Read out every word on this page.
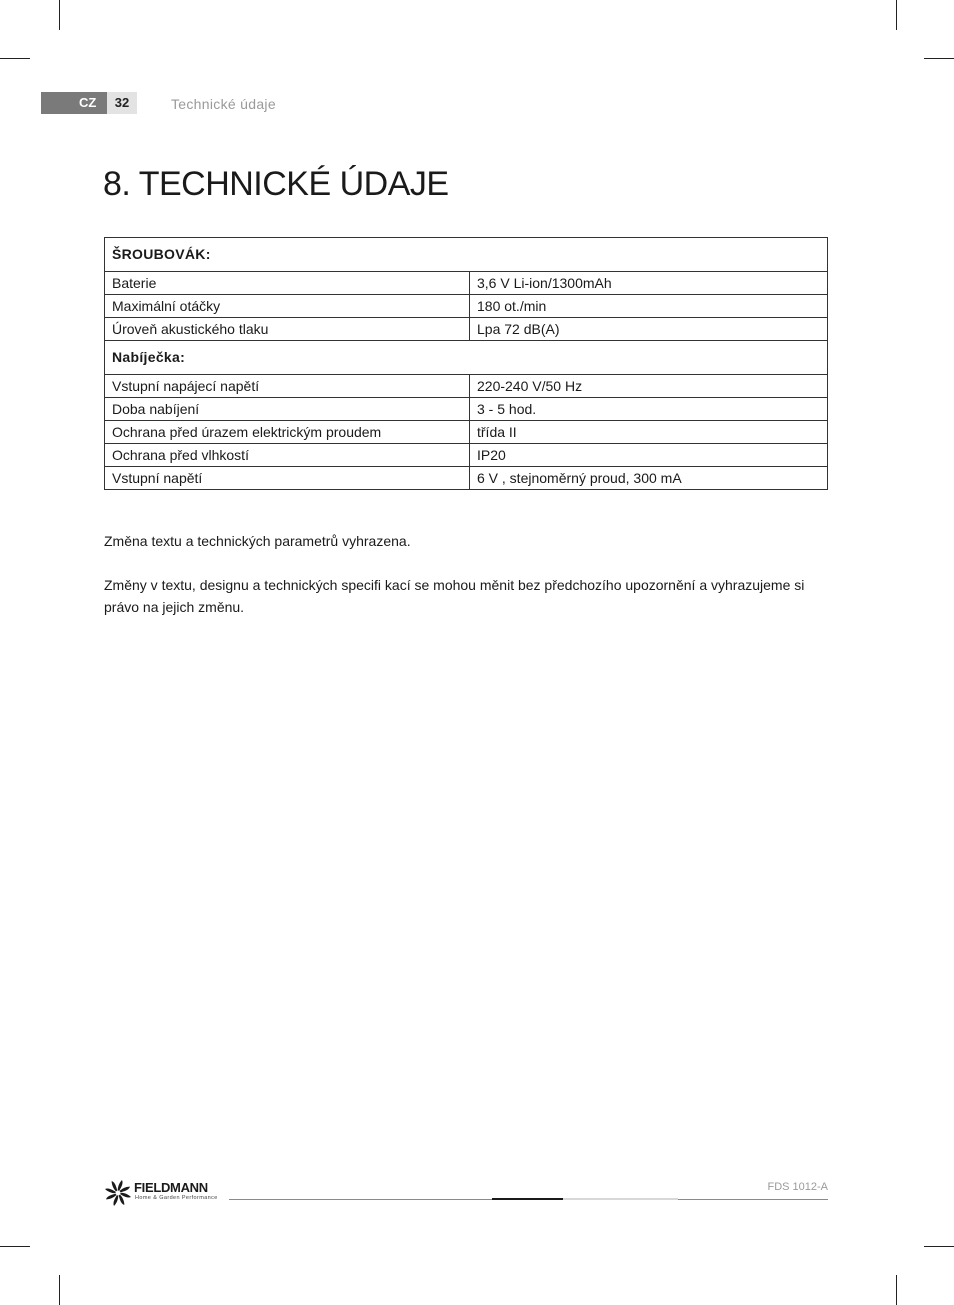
CZ	32	Technické údaje
8. TECHNICKÉ ÚDAJE
ŠROUBOVÁK:	
Baterie	3,6 V Li-ion/1300mAh
Maximální otáčky	180 ot./min
Úroveň akustického tlaku	Lpa 72 dB(A)
Nabíječka:	
Vstupní napájecí napětí	220-240 V/50 Hz
Doba nabíjení	3 - 5 hod.
Ochrana před úrazem elektrickým proudem	třída II
Ochrana před vlhkostí	IP20
Vstupní napětí	6 V , stejnoměrný proud, 300 mA

Změna textu a technických parametrů vyhrazena.

Změny v textu, designu a technických specifi kací se mohou měnit bez předchozího upozornění a vyhrazujeme si právo na jejich změnu.

FIELDMANN
Home & Garden Performance
FDS 1012-A
